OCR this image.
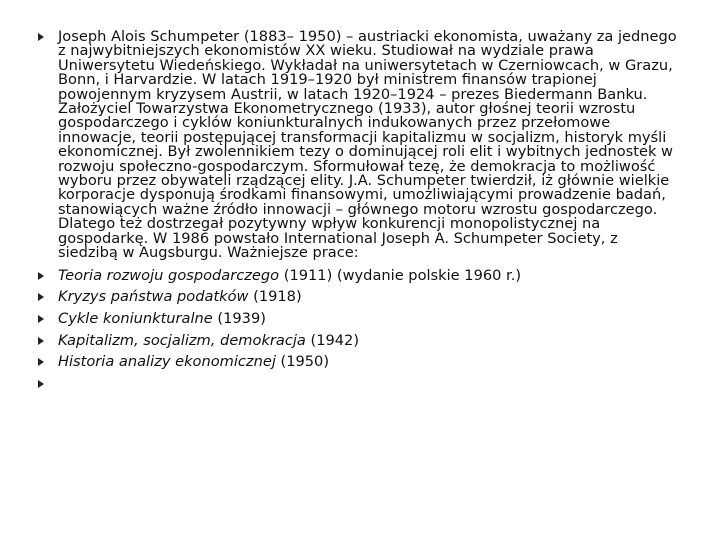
Joseph Alois Schumpeter (1883– 1950) – austriacki ekonomista, uważany za jednego z najwybitniejszych ekonomistów XX wieku. Studiował na wydziale prawa Uniwersytetu Wiedeńskiego. Wykładał na uniwersytetach w Czerniowcach, w Grazu, Bonn, i Harvardzie. W latach 1919–1920 był ministrem finansów trapionej powojennym kryzysem Austrii, w latach 1920–1924 – prezes Biedermann Banku. Założyciel Towarzystwa Ekonometrycznego (1933), autor głośnej teorii wzrostu gospodarczego i cyklów koniunkturalnych indukowanych przez przełomowe innowacje, teorii postępującej transformacji kapitalizmu w socjalizm, historyk myśli ekonomicznej. Był zwolennikiem tezy o dominującej roli elit i wybitnych jednostek w rozwoju społeczno-gospodarczym. Sformułował tezę, że demokracja to możliwość wyboru przez obywateli rządzącej elity. J.A. Schumpeter twierdził, iż głównie wielkie korporacje dysponują środkami finansowymi, umożliwiającymi prowadzenie badań, stanowiących ważne źródło innowacji – głównego motoru wzrostu gospodarczego. Dlatego też dostrzegał pozytywny wpływ konkurencji monopolistycznej na gospodarkę. W 1986 powstało International Joseph A. Schumpeter Society, z siedzibą w Augsburgu. Ważniejsze prace:
Teoria rozwoju gospodarczego (1911) (wydanie polskie 1960 r.)
Kryzys państwa podatków (1918)
Cykle koniunkturalne (1939)
Kapitalizm, socjalizm, demokracja (1942)
Historia analizy ekonomicznej (1950)
